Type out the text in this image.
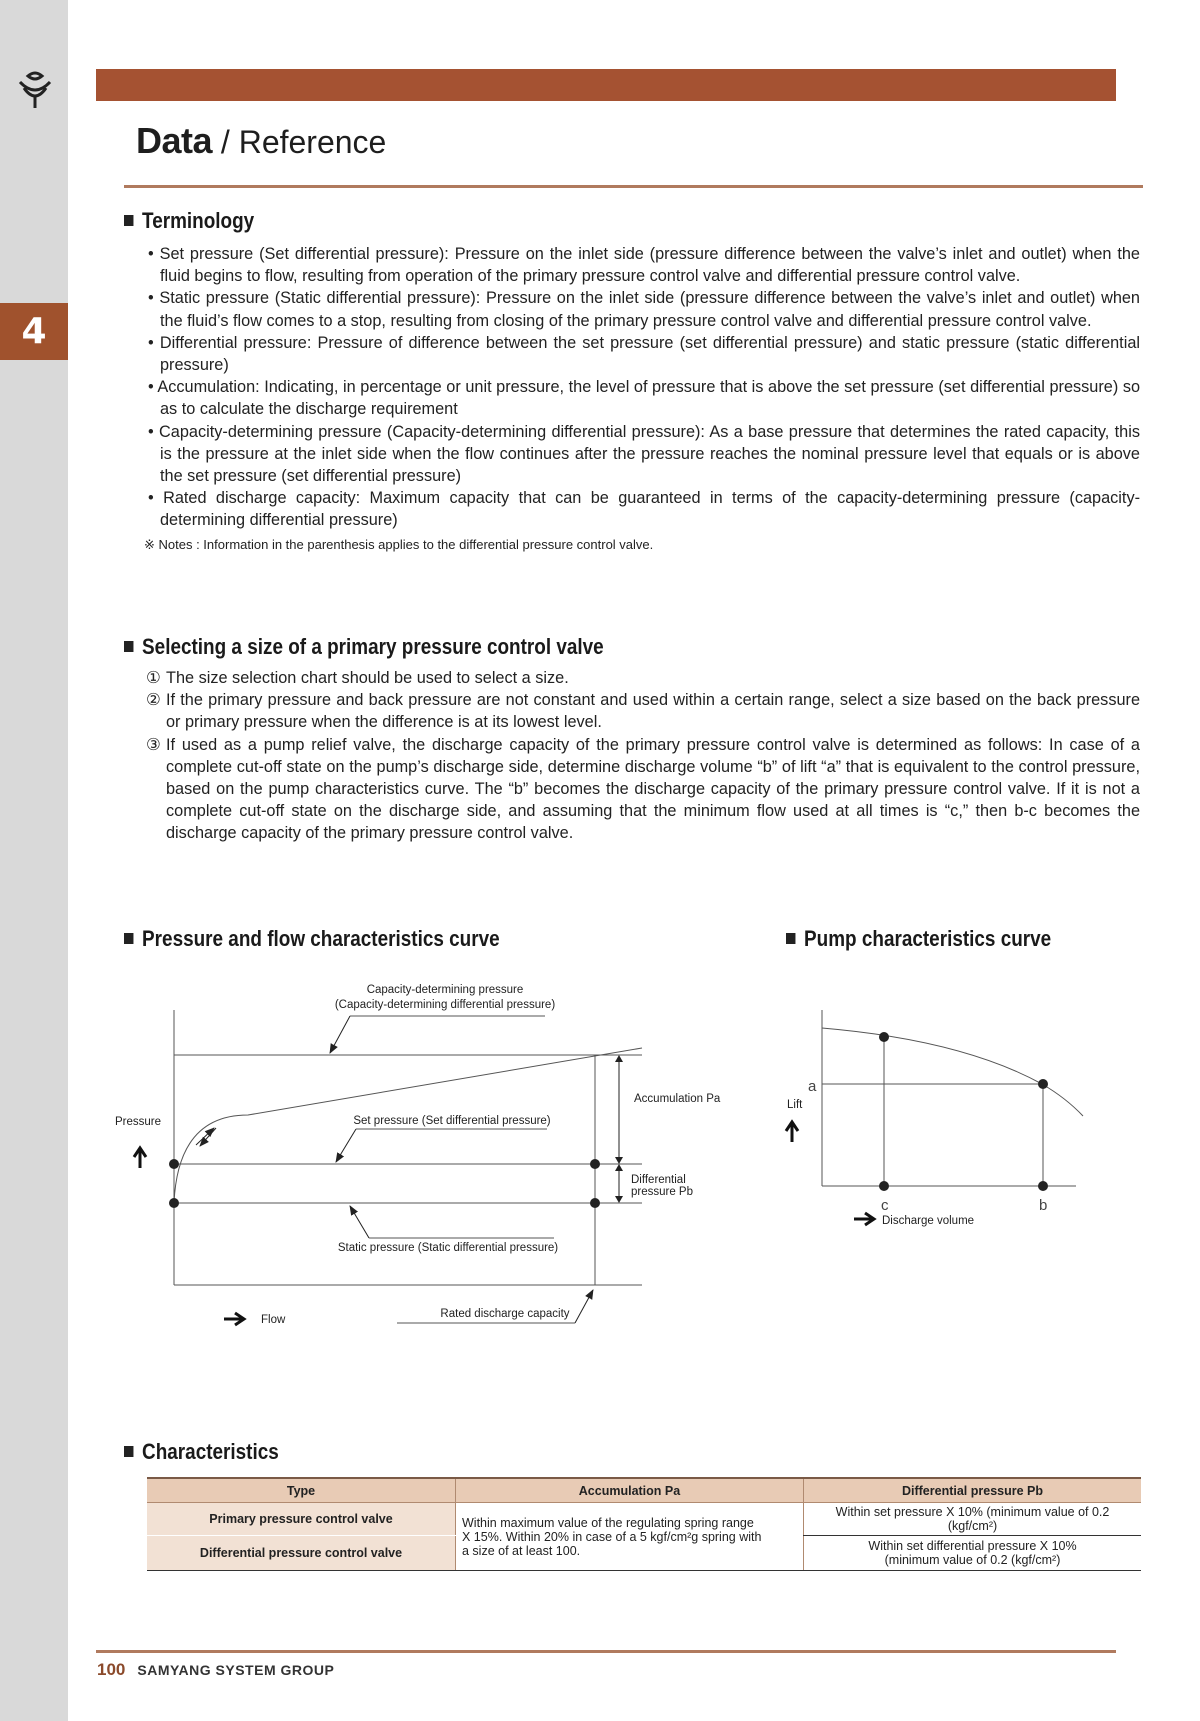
4
Data / Reference
Terminology

• Set pressure (Set differential pressure): Pressure on the inlet side (pressure difference between the valve’s inlet and outlet) when the fluid begins to flow, resulting from operation of the primary pressure control valve and differential pressure control valve.

• Static pressure (Static differential pressure): Pressure on the inlet side (pressure difference between the valve’s inlet and outlet) when the fluid’s flow comes to a stop, resulting from closing of the primary pressure control valve and differential pressure control valve.

• Differential pressure: Pressure of difference between the set pressure (set differential pressure) and static pressure (static differential pressure)

• Accumulation: Indicating, in percentage or unit pressure, the level of pressure that is above the set pressure (set differential pressure) so as to calculate the discharge requirement

• Capacity-determining pressure (Capacity-determining differential pressure): As a base pressure that determines the rated capacity, this is the pressure at the inlet side when the flow continues after the pressure reaches the nominal pressure level that equals or is above the set pressure (set differential pressure)

• Rated discharge capacity: Maximum capacity that can be guaranteed in terms of the capacity-determining pressure (capacity-determining differential pressure)

※ Notes : Information in the parenthesis applies to the differential pressure control valve.
Selecting a size of a primary pressure control valve

① The size selection chart should be used to select a size.

② If the primary pressure and back pressure are not constant and used within a certain range, select a size based on the back pressure or primary pressure when the difference is at its lowest level.

③ If used as a pump relief valve, the discharge capacity of the primary pressure control valve is determined as follows: In case of a complete cut-off state on the pump’s discharge side, determine discharge volume “b” of lift “a” that is equivalent to the control pressure, based on the pump characteristics curve. The “b” becomes the discharge capacity of the primary pressure control valve. If it is not a complete cut-off state on the discharge side, and assuming that the minimum flow used at all times is “c,” then b-c becomes the discharge capacity of the primary pressure control valve.

Pressure and flow characteristics curve	Pump characteristics curve
Capacity-determining pressure
(Capacity-determining differential pressure)
Accumulation Pa
Pressure	Set pressure (Set differential pressure)
Differential
pressure Pb
Static pressure (Static differential pressure)
Flow	Rated discharge capacity
a
Lift
c	b
Discharge volume
Characteristics
Type	Accumulation Pa	Differential pressure Pb
Primary pressure control valve	Within maximum value of the regulating spring range
X 15%. Within 20% in case of a 5 kgf/cm²g spring with
a size of at least 100.	Within set pressure X 10% (minimum value of 0.2 (kgf/cm²)
Differential pressure control valve		Within set differential pressure X 10%
(minimum value of 0.2 (kgf/cm²)
100 SAMYANG SYSTEM GROUP
